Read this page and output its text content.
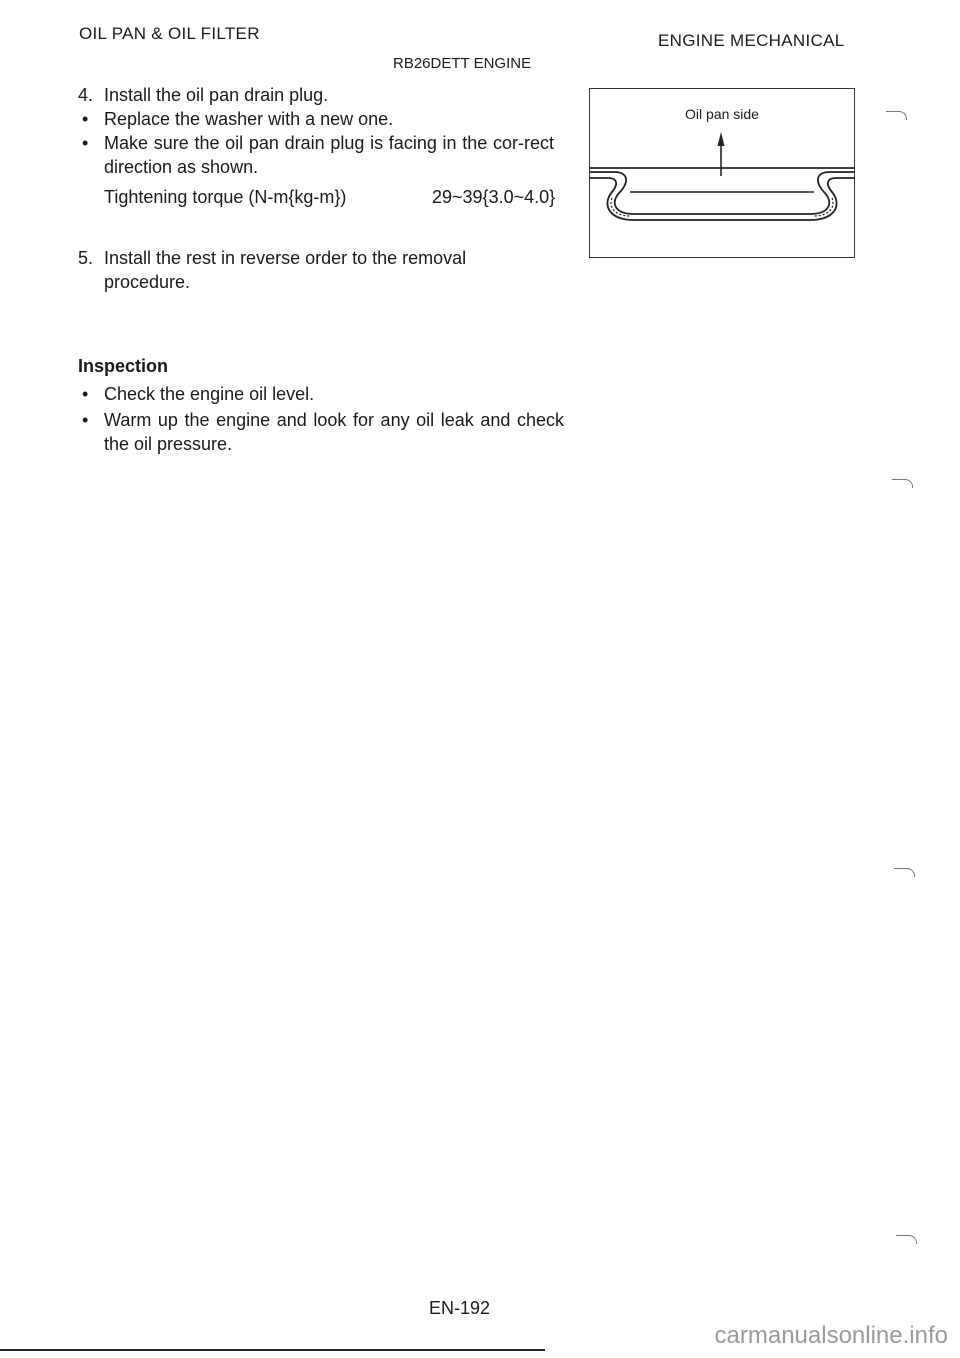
OIL PAN & OIL FILTER	ENGINE MECHANICAL
RB26DETT ENGINE
4. Install the oil pan drain plug.
• Replace the washer with a new one.
• Make sure the oil pan drain plug is facing in the cor-rect direction as shown.
Tightening torque (N-m{kg-m})	29~39{3.0~4.0}
5. Install the rest in reverse order to the removal procedure.
Inspection
• Check the engine oil level.
• Warm up the engine and look for any oil leak and check the oil pressure.
Oil pan side
EN-192
carmanualsonline.info
